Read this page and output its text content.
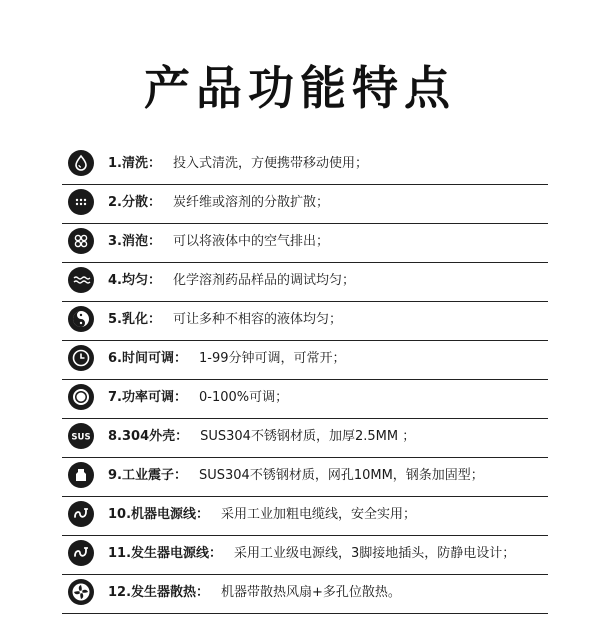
产品功能特点
1.清洗： 投入式清洗，方便携带移动使用；
2.分散： 炭纤维或溶剂的分散扩散；
3.消泡： 可以将液体中的空气排出；
4.均匀： 化学溶剂药品样品的调试均匀；
5.乳化： 可让多种不相容的液体均匀；
6.时间可调： 1-99分钟可调，可常开；
7.功率可调： 0-100%可调；
SUS 8.304外壳： SUS304不锈钢材质，加厚2.5MM ；
9.工业震子： SUS304不锈钢材质，网孔10MM，钢条加固型；
10.机器电源线： 采用工业加粗电缆线，安全实用；
11.发生器电源线： 采用工业级电源线，3脚接地插头，防静电设计；
12.发生器散热： 机器带散热风扇+多孔位散热。
